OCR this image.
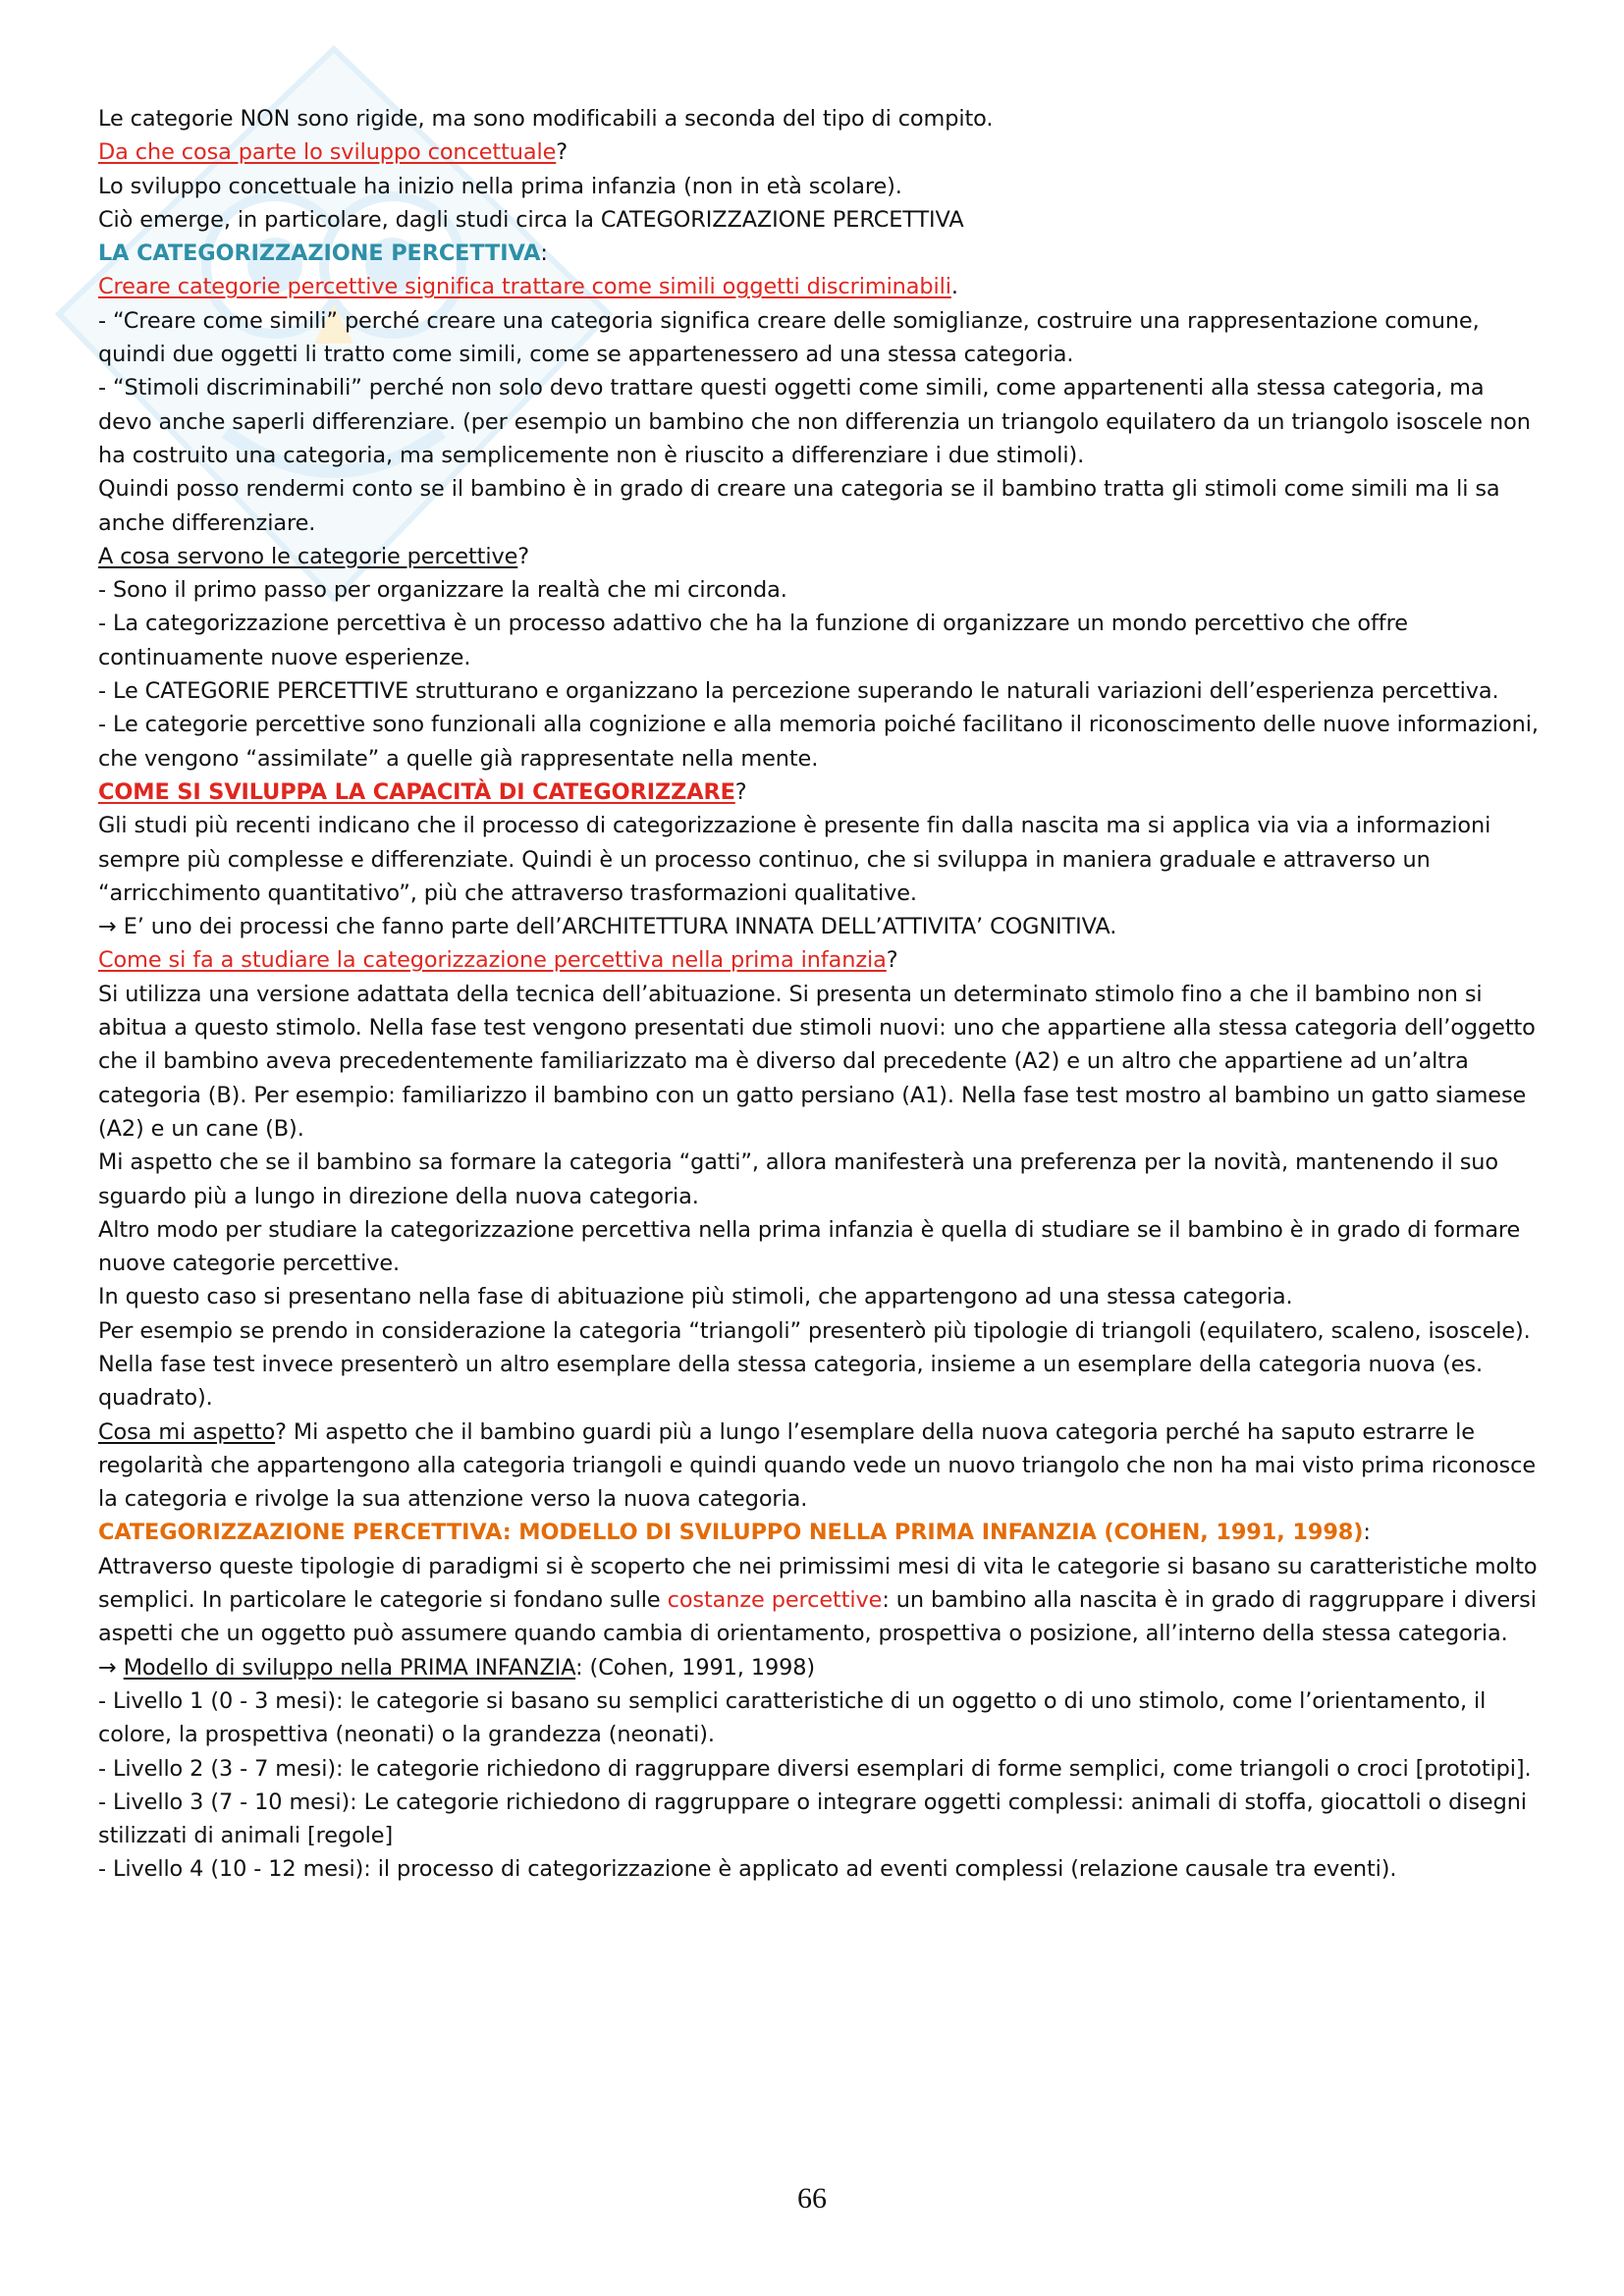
Le categorie NON sono rigide, ma sono modificabili a seconda del tipo di compito.

Da che cosa parte lo sviluppo concettuale?

Lo sviluppo concettuale ha inizio nella prima infanzia (non in età scolare).

Ciò emerge, in particolare, dagli studi circa la CATEGORIZZAZIONE PERCETTIVA

LA CATEGORIZZAZIONE PERCETTIVA:

Creare categorie percettive significa trattare come simili oggetti discriminabili.

- “Creare come simili” perché creare una categoria significa creare delle somiglianze, costruire una rappresentazione comune, quindi due oggetti li tratto come simili, come se appartenessero ad una stessa categoria.

- “Stimoli discriminabili” perché non solo devo trattare questi oggetti come simili, come appartenenti alla stessa categoria, ma devo anche saperli differenziare. (per esempio un bambino che non differenzia un triangolo equilatero da un triangolo isoscele non ha costruito una categoria, ma semplicemente non è riuscito a differenziare i due stimoli).

Quindi posso rendermi conto se il bambino è in grado di creare una categoria se il bambino tratta gli stimoli come simili ma li sa anche differenziare.

A cosa servono le categorie percettive?

- Sono il primo passo per organizzare la realtà che mi circonda.

- La categorizzazione percettiva è un processo adattivo che ha la funzione di organizzare un mondo percettivo che offre continuamente nuove esperienze.

- Le CATEGORIE PERCETTIVE strutturano e organizzano la percezione superando le naturali variazioni dell’esperienza percettiva.

- Le categorie percettive sono funzionali alla cognizione e alla memoria poiché facilitano il riconoscimento delle nuove informazioni, che vengono “assimilate” a quelle già rappresentate nella mente.

COME SI SVILUPPA LA CAPACITÀ DI CATEGORIZZARE?

Gli studi più recenti indicano che il processo di categorizzazione è presente fin dalla nascita ma si applica via via a informazioni sempre più complesse e differenziate. Quindi è un processo continuo, che si sviluppa in maniera graduale e attraverso un “arricchimento quantitativo”, più che attraverso trasformazioni qualitative.

→ E’ uno dei processi che fanno parte dell’ARCHITETTURA INNATA DELL’ATTIVITA’ COGNITIVA.

Come si fa a studiare la categorizzazione percettiva nella prima infanzia?

Si utilizza una versione adattata della tecnica dell’abituazione. Si presenta un determinato stimolo fino a che il bambino non si abitua a questo stimolo. Nella fase test vengono presentati due stimoli nuovi: uno che appartiene alla stessa categoria dell’oggetto che il bambino aveva precedentemente familiarizzato ma è diverso dal precedente (A2) e un altro che appartiene ad un’altra categoria (B). Per esempio: familiarizzo il bambino con un gatto persiano (A1). Nella fase test mostro al bambino un gatto siamese (A2) e un cane (B).

Mi aspetto che se il bambino sa formare la categoria “gatti”, allora manifesterà una preferenza per la novità, mantenendo il suo sguardo più a lungo in direzione della nuova categoria.

Altro modo per studiare la categorizzazione percettiva nella prima infanzia è quella di studiare se il bambino è in grado di formare nuove categorie percettive.

In questo caso si presentano nella fase di abituazione più stimoli, che appartengono ad una stessa categoria.

Per esempio se prendo in considerazione la categoria “triangoli” presenterò più tipologie di triangoli (equilatero, scaleno, isoscele). Nella fase test invece presenterò un altro esemplare della stessa categoria, insieme a un esemplare della categoria nuova (es. quadrato).

Cosa mi aspetto? Mi aspetto che il bambino guardi più a lungo l’esemplare della nuova categoria perché ha saputo estrarre le regolarità che appartengono alla categoria triangoli e quindi quando vede un nuovo triangolo che non ha mai visto prima riconosce la categoria e rivolge la sua attenzione verso la nuova categoria.

CATEGORIZZAZIONE PERCETTIVA: MODELLO DI SVILUPPO NELLA PRIMA INFANZIA (COHEN, 1991, 1998):

Attraverso queste tipologie di paradigmi si è scoperto che nei primissimi mesi di vita le categorie si basano su caratteristiche molto semplici. In particolare le categorie si fondano sulle costanze percettive: un bambino alla nascita è in grado di raggruppare i diversi aspetti che un oggetto può assumere quando cambia di orientamento, prospettiva o posizione, all’interno della stessa categoria.

→ Modello di sviluppo nella PRIMA INFANZIA: (Cohen, 1991, 1998)

- Livello 1 (0 - 3 mesi): le categorie si basano su semplici caratteristiche di un oggetto o di uno stimolo, come l’orientamento, il colore, la prospettiva (neonati) o la grandezza (neonati).

- Livello 2 (3 - 7 mesi): le categorie richiedono di raggruppare diversi esemplari di forme semplici, come triangoli o croci [prototipi].

- Livello 3 (7 - 10 mesi): Le categorie richiedono di raggruppare o integrare oggetti complessi: animali di stoffa, giocattoli o disegni stilizzati di animali [regole]

- Livello 4 (10 - 12 mesi): il processo di categorizzazione è applicato ad eventi complessi (relazione causale tra eventi).

66
